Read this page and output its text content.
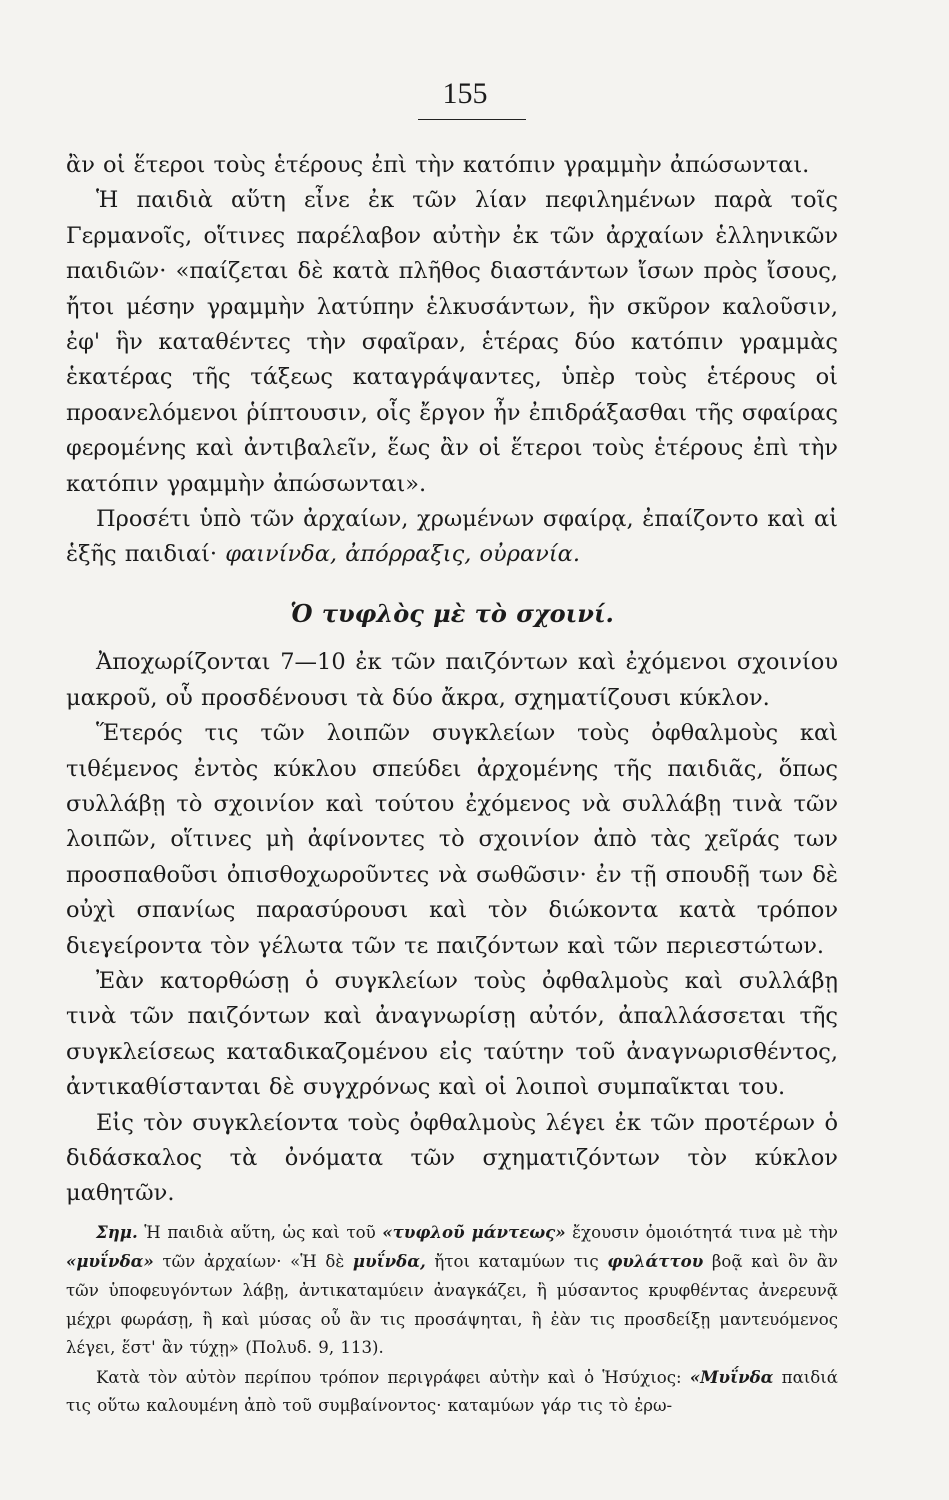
155

ἂν οἱ ἕτεροι τοὺς ἑτέρους ἐπὶ τὴν κατόπιν γραμμὴν ἀπώσωνται.

Ἡ παιδιὰ αὕτη εἶνε ἐκ τῶν λίαν πεφιλημένων παρὰ τοῖς Γερμανοῖς, οἵτινες παρέλαβον αὐτὴν ἐκ τῶν ἀρχαίων ἑλληνικῶν παιδιῶν· «παίζεται δὲ κατὰ πλῆθος διαστάντων ἴσων πρὸς ἴσους, ἤτοι μέσην γραμμὴν λατύπην ἑλκυσάντων, ἣν σκῦρον καλοῦσιν, ἐφ' ἣν καταθέντες τὴν σφαῖραν, ἑτέρας δύο κατόπιν γραμμὰς ἑκατέρας τῆς τάξεως καταγράψαντες, ὑπὲρ τοὺς ἑτέρους οἱ προανελόμενοι ῥίπτουσιν, οἷς ἔργον ἦν ἐπιδράξασθαι τῆς σφαίρας φερομένης καὶ ἀντιβαλεῖν, ἕως ἂν οἱ ἕτεροι τοὺς ἑτέρους ἐπὶ τὴν κατόπιν γραμμὴν ἀπώσωνται».

Προσέτι ὑπὸ τῶν ἀρχαίων, χρωμένων σφαίρᾳ, ἐπαίζοντο καὶ αἱ ἑξῆς παιδιαί· φαινίνδα, ἀπόρραξις, οὐρανία.

Ὁ τυφλὸς μὲ τὸ σχοινί.

Ἀποχωρίζονται 7—10 ἐκ τῶν παιζόντων καὶ ἐχόμενοι σχοινίου μακροῦ, οὗ προσδένουσι τὰ δύο ἄκρα, σχηματίζουσι κύκλον.

Ἕτερός τις τῶν λοιπῶν συγκλείων τοὺς ὀφθαλμοὺς καὶ τιθέμενος ἐντὸς κύκλου σπεύδει ἀρχομένης τῆς παιδιᾶς, ὅπως συλλάβῃ τὸ σχοινίον καὶ τούτου ἐχόμενος νὰ συλλάβῃ τινὰ τῶν λοιπῶν, οἵτινες μὴ ἀφίνοντες τὸ σχοινίον ἀπὸ τὰς χεῖράς των προσπαθοῦσι ὀπισθοχωροῦντες νὰ σωθῶσιν· ἐν τῇ σπουδῇ των δὲ οὐχὶ σπανίως παρασύρουσι καὶ τὸν διώκοντα κατὰ τρόπον διεγείροντα τὸν γέλωτα τῶν τε παιζόντων καὶ τῶν περιεστώτων.

Ἐὰν κατορθώσῃ ὁ συγκλείων τοὺς ὀφθαλμοὺς καὶ συλλάβῃ τινὰ τῶν παιζόντων καὶ ἀναγνωρίσῃ αὐτόν, ἀπαλλάσσεται τῆς συγκλείσεως καταδικαζομένου εἰς ταύτην τοῦ ἀναγνωρισθέντος, ἀντικαθίστανται δὲ συγχρόνως καὶ οἱ λοιποὶ συμπαῖκται του.

Εἰς τὸν συγκλείοντα τοὺς ὀφθαλμοὺς λέγει ἐκ τῶν προτέρων ὁ διδάσκαλος τὰ ὀνόματα τῶν σχηματιζόντων τὸν κύκλον μαθητῶν.

Σημ. Ἡ παιδιὰ αὕτη, ὡς καὶ τοῦ «τυφλοῦ μάντεως» ἔχουσιν ὁμοιότητά τινα μὲ τὴν «μυΐνδα» τῶν ἀρχαίων· «Ἡ δὲ μυΐνδα, ἤτοι καταμύων τις φυλάττου βοᾷ καὶ ὃν ἂν τῶν ὑποφευγόντων λάβῃ, ἀντικαταμύειν ἀναγκάζει, ἢ μύσαντος κρυφθέντας ἀνερευνᾷ μέχρι φωράσῃ, ἢ καὶ μύσας οὗ ἂν τις προσάψηται, ἢ ἐὰν τις προσδείξῃ μαντευόμενος λέγει, ἕστ' ἂν τύχῃ» (Πολυδ. 9, 113).

Κατὰ τὸν αὐτὸν περίπου τρόπον περιγράφει αὐτὴν καὶ ὁ Ἡσύχιος: «Μυΐνδα παιδιά τις οὕτω καλουμένη ἀπὸ τοῦ συμβαίνοντος· καταμύων γάρ τις τὸ ἐρω-
